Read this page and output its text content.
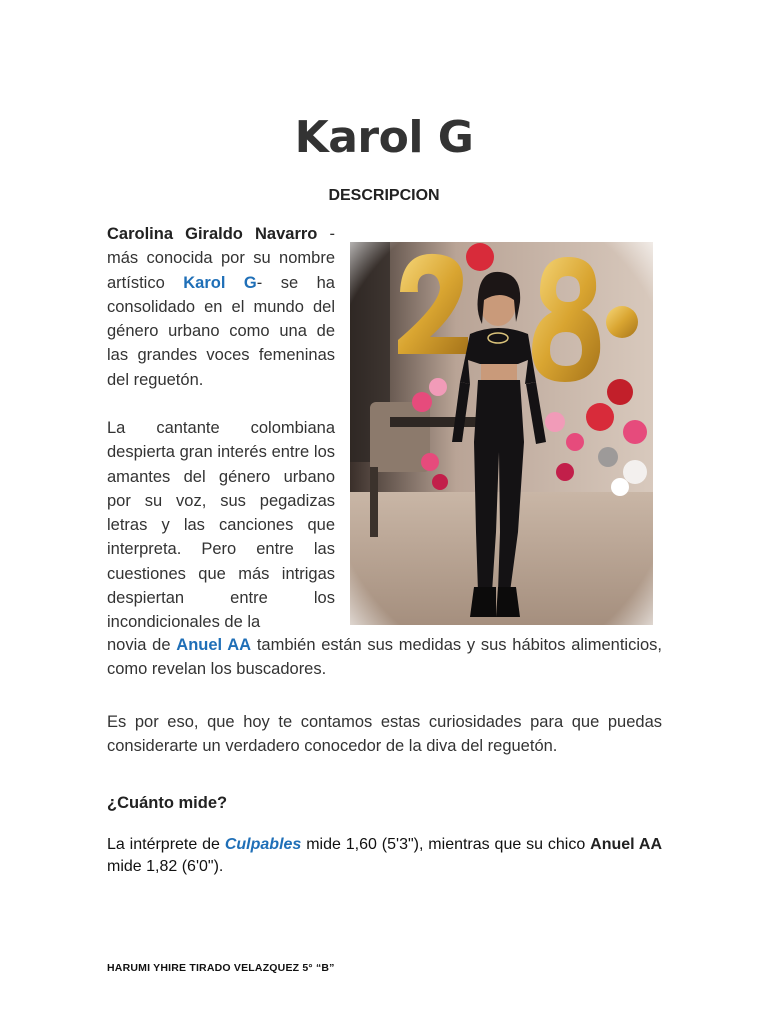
Karol G
DESCRIPCION
Carolina Giraldo Navarro - más conocida por su nombre artístico Karol G- se ha consolidado en el mundo del género urbano como una de las grandes voces femeninas del reguetón.
La cantante colombiana despierta gran interés entre los amantes del género urbano por su voz, sus pegadizas letras y las canciones que interpreta. Pero entre las cuestiones que más intrigas despiertan entre los incondicionales de la
novia de Anuel AA también están sus medidas y sus hábitos alimenticios, como revelan los buscadores.
Es por eso, que hoy te contamos estas curiosidades para que puedas considerarte un verdadero conocedor de la diva del reguetón.
¿Cuánto mide?
La intérprete de Culpables mide 1,60 (5'3"), mientras que su chico Anuel AA mide 1,82 (6'0").
HARUMI YHIRE TIRADO VELAZQUEZ 5° “B”
